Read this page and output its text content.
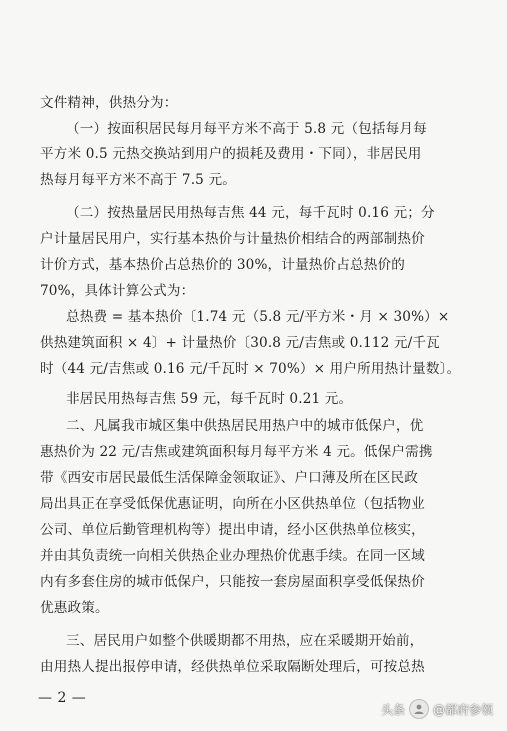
文件精神，供热分为：
（一）按面积居民每月每平方米不高于 5.8 元（包括每月每
平方米 0.5 元热交换站到用户的损耗及费用・下同），非居民用
热每月每平方米不高于 7.5 元。
（二）按热量居民用热每吉焦 44 元，每千瓦时 0.16 元；分
户计量居民用户，实行基本热价与计量热价相结合的两部制热价
计价方式，基本热价占总热价的 30%，计量热价占总热价的
70%，具体计算公式为：
总热费 = 基本热价〔1.74 元（5.8 元/平方米・月 × 30%）×
供热建筑面积 × 4〕+ 计量热价〔30.8 元/吉焦或 0.112 元/千瓦
时（44 元/吉焦或 0.16 元/千瓦时 × 70%）× 用户所用热计量数〕。
非居民用热每吉焦 59 元，每千瓦时 0.21 元。
二、凡属我市城区集中供热居民用热户中的城市低保户，优
惠热价为 22 元/吉焦或建筑面积每月每平方米 4 元。低保户需携
带《西安市居民最低生活保障金领取证》、户口薄及所在区民政
局出具正在享受低保优惠证明，向所在小区供热单位（包括物业
公司、单位后勤管理机构等）提出申请，经小区供热单位核实，
并由其负责统一向相关供热企业办理热价优惠手续。在同一区域
内有多套住房的城市低保户，只能按一套房屋面积享受低保热价
优惠政策。
三、居民用户如整个供暖期都不用热，应在采暖期开始前，
由用热人提出报停申请，经供热单位采取隔断处理后，可按总热
— 2 —
头条 @都府参领
